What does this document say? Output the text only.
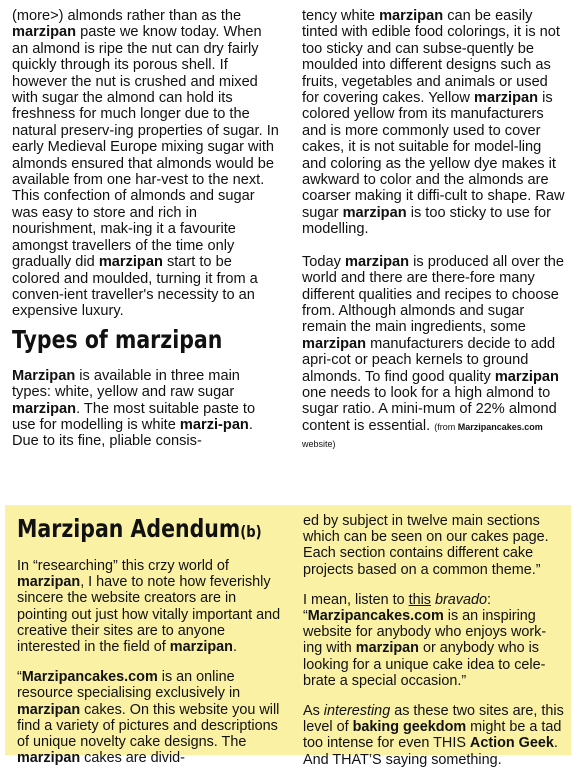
(more>) almonds rather than as the marzipan paste we know today. When an almond is ripe the nut can dry fairly quickly through its porous shell. If however the nut is crushed and mixed with sugar the almond can hold its freshness for much longer due to the natural preserv-ing properties of sugar. In early Medieval Europe mixing sugar with almonds ensured that almonds would be available from one har-vest to the next. This confection of almonds and sugar was easy to store and rich in nourishment, mak-ing it a favourite amongst travellers of the time only gradually did marzipan start to be colored and moulded, turning it from a conven-ient traveller's necessity to an expensive luxury.

Types of marzipan

Marzipan is available in three main types: white, yellow and raw sugar marzipan. The most suitable paste to use for modelling is white marzi-pan. Due to its fine, pliable consis-

tency white marzipan can be easily tinted with edible food colorings, it is not too sticky and can subse-quently be moulded into different designs such as fruits, vegetables and animals or used for covering cakes. Yellow marzipan is colored yellow from its manufacturers and is more commonly used to cover cakes, it is not suitable for model-ling and coloring as the yellow dye makes it awkward to color and the almonds are coarser making it diffi-cult to shape. Raw sugar marzipan is too sticky to use for modelling.

Today marzipan is produced all over the world and there are there-fore many different qualities and recipes to choose from. Although almonds and sugar remain the main ingredients, some marzipan manufacturers decide to add apri-cot or peach kernels to ground almonds. To find good quality marzipan one needs to look for a high almond to sugar ratio. A mini-mum of 22% almond content is essential. (from Marzipancakes.com website)

Marzipan Adendum(b)

In “researching” this crzy world of marzipan, I have to note how feverishly sincere the website creators are in pointing out just how vitally important and creative their sites are to anyone interested in the field of marzipan.

“Marzipancakes.com is an online resource specialising exclusively in marzipan cakes. On this website you will find a variety of pictures and descriptions of unique novelty cake designs. The marzipan cakes are divid-

ed by subject in twelve main sections which can be seen on our cakes page. Each section contains different cake projects based on a common theme.”

I mean, listen to this bravado: “Marzipancakes.com is an inspiring website for anybody who enjoys work-ing with marzipan or anybody who is looking for a unique cake idea to cele-brate a special occasion.”

As interesting as these two sites are, this level of baking geekdom might be a tad too intense for even THIS Action Geek. And THAT’S saying something.
